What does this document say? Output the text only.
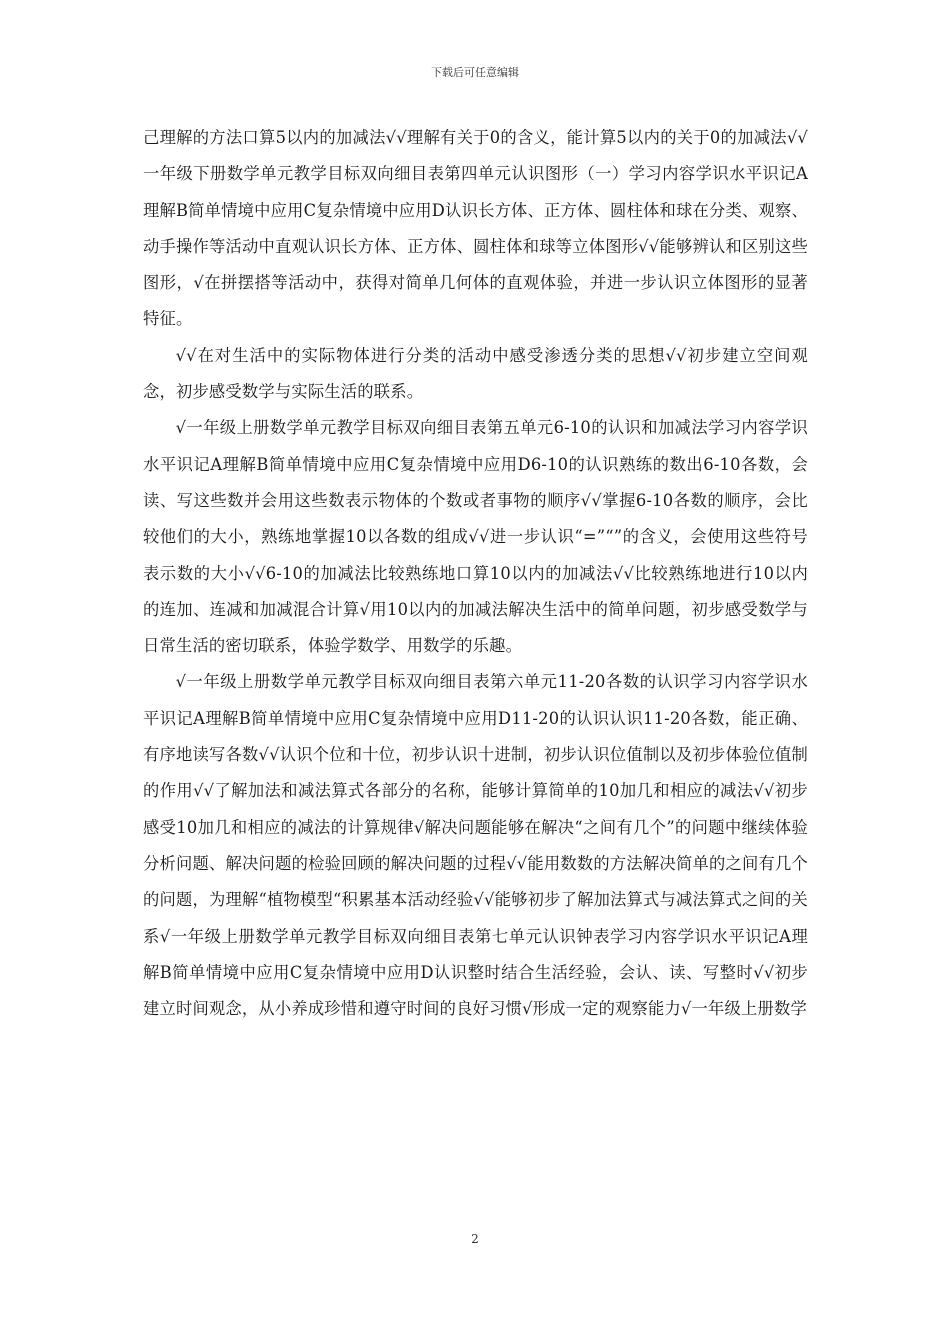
下载后可任意编辑

己理解的方法口算5以内的加减法√√理解有关于0的含义，能计算5以内的关于0的加减法√√一年级下册数学单元教学目标双向细目表第四单元认识图形（一）学习内容学识水平识记A理解B简单情境中应用C复杂情境中应用D认识长方体、正方体、圆柱体和球在分类、观察、动手操作等活动中直观认识长方体、正方体、圆柱体和球等立体图形√√能够辨认和区别这些图形，√在拼摆搭等活动中，获得对简单几何体的直观体验，并进一步认识立体图形的显著特征。

√√在对生活中的实际物体进行分类的活动中感受渗透分类的思想√√初步建立空间观念，初步感受数学与实际生活的联系。

√一年级上册数学单元教学目标双向细目表第五单元6-10的认识和加减法学习内容学识水平识记A理解B简单情境中应用C复杂情境中应用D6-10的认识熟练的数出6-10各数，会读、写这些数并会用这些数表示物体的个数或者事物的顺序√√掌握6-10各数的顺序，会比较他们的大小，熟练地掌握10以各数的组成√√进一步认识“=”“”的含义，会使用这些符号表示数的大小√√6-10的加减法比较熟练地口算10以内的加减法√√比较熟练地进行10以内的连加、连减和加减混合计算√用10以内的加减法解决生活中的简单问题，初步感受数学与日常生活的密切联系，体验学数学、用数学的乐趣。

√一年级上册数学单元教学目标双向细目表第六单元11-20各数的认识学习内容学识水平识记A理解B简单情境中应用C复杂情境中应用D11-20的认识认识11-20各数，能正确、有序地读写各数√√认识个位和十位，初步认识十进制，初步认识位值制以及初步体验位值制的作用√√了解加法和减法算式各部分的名称，能够计算简单的10加几和相应的减法√√初步感受10加几和相应的减法的计算规律√解决问题能够在解决“之间有几个”的问题中继续体验分析问题、解决问题的检验回顾的解决问题的过程√√能用数数的方法解决简单的之间有几个的问题，为理解“植物模型“积累基本活动经验√√能够初步了解加法算式与减法算式之间的关系√一年级上册数学单元教学目标双向细目表第七单元认识钟表学习内容学识水平识记A理解B简单情境中应用C复杂情境中应用D认识整时结合生活经验，会认、读、写整时√√初步建立时间观念，从小养成珍惜和遵守时间的良好习惯√形成一定的观察能力√一年级上册数学

2
